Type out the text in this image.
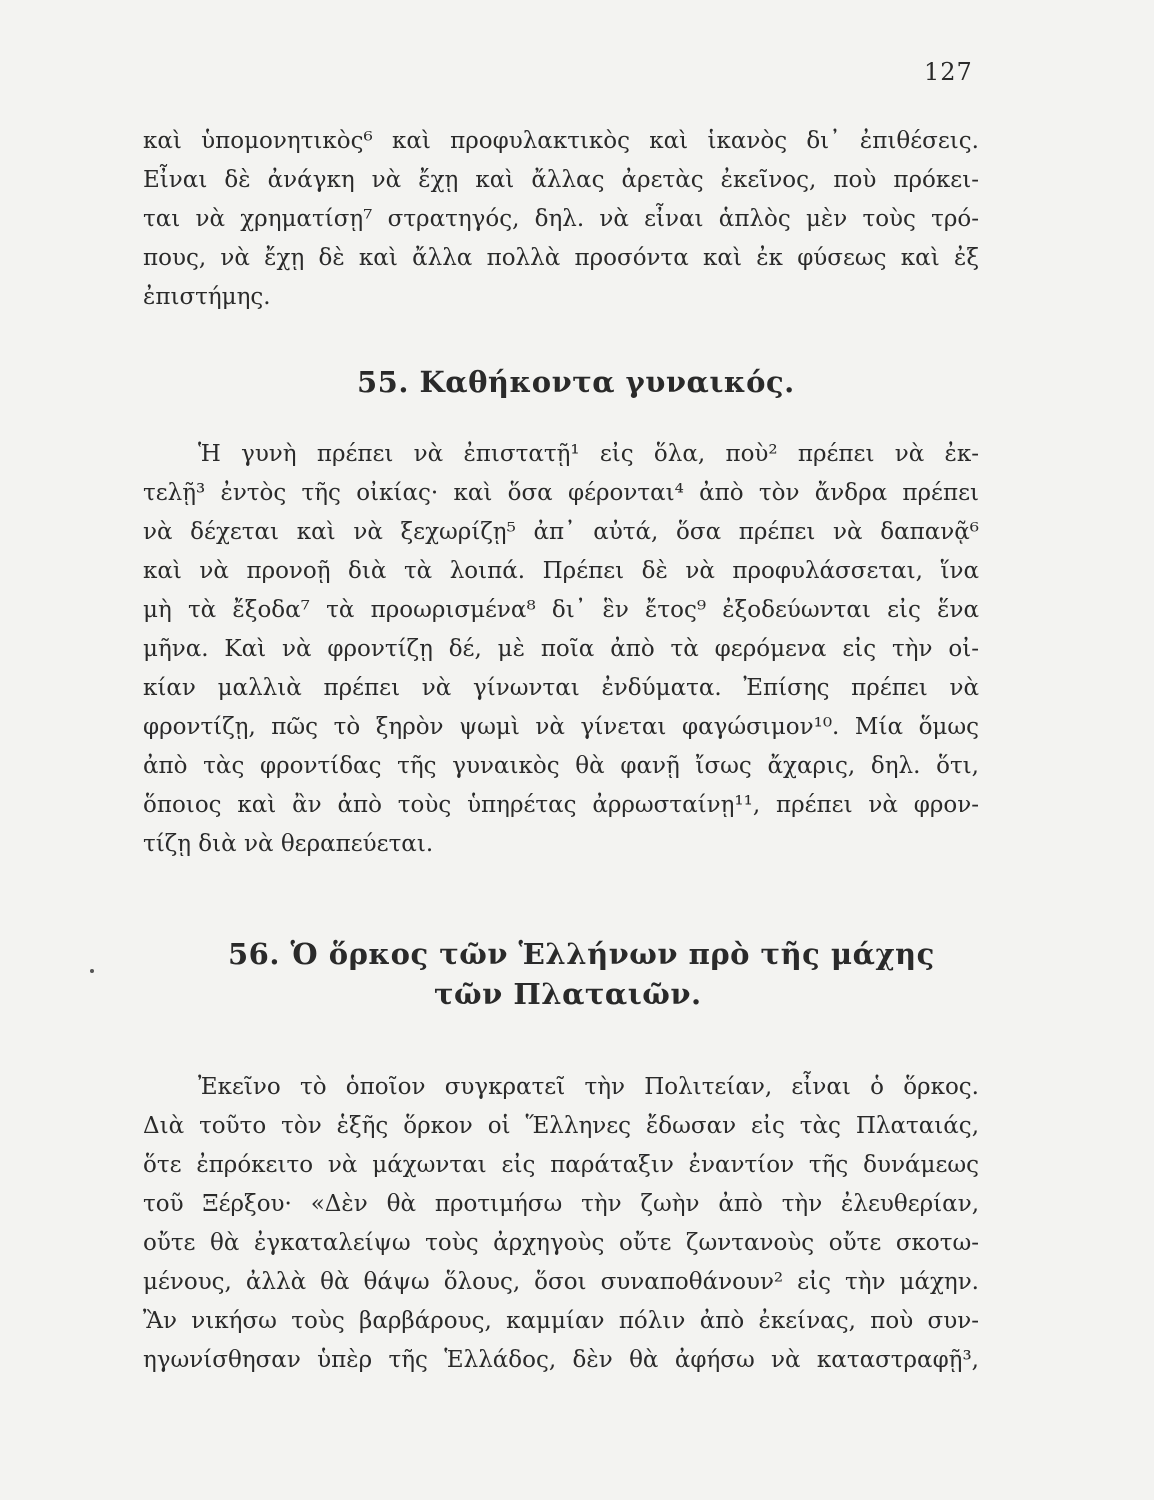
127
καὶ ὑπομονητικὸς⁶ καὶ προφυλακτικὸς καὶ ἱκανὸς δι᾿ ἐπιθέσεις.
Εἶναι δὲ ἀνάγκη νὰ ἔχῃ καὶ ἄλλας ἀρετὰς ἐκεῖνος, ποὺ πρόκει-
ται νὰ χρηματίσῃ⁷ στρατηγός, δηλ. νὰ εἶναι ἁπλὸς μὲν τοὺς τρό-
πους, νὰ ἔχῃ δὲ καὶ ἄλλα πολλὰ προσόντα καὶ ἐκ φύσεως καὶ ἐξ
ἐπιστήμης.
55. Καθήκοντα γυναικός.
Ἡ γυνὴ πρέπει νὰ ἐπιστατῇ¹ εἰς ὅλα, ποὺ² πρέπει νὰ ἐκ-
τελῇ³ ἐντὸς τῆς οἰκίας· καὶ ὅσα φέρονται⁴ ἀπὸ τὸν ἄνδρα πρέπει
νὰ δέχεται καὶ νὰ ξεχωρίζῃ⁵ ἀπ᾿ αὐτά, ὅσα πρέπει νὰ δαπανᾷ⁶
καὶ νὰ προνοῇ διὰ τὰ λοιπά. Πρέπει δὲ νὰ προφυλάσσεται, ἵνα
μὴ τὰ ἔξοδα⁷ τὰ προωρισμένα⁸ δι᾿ ἓν ἔτος⁹ ἐξοδεύωνται εἰς ἕνα
μῆνα. Καὶ νὰ φροντίζῃ δέ, μὲ ποῖα ἀπὸ τὰ φερόμενα εἰς τὴν οἰ-
κίαν μαλλιὰ πρέπει νὰ γίνωνται ἐνδύματα. Ἐπίσης πρέπει νὰ
φροντίζῃ, πῶς τὸ ξηρὸν ψωμὶ νὰ γίνεται φαγώσιμον¹⁰. Μία ὅμως
ἀπὸ τὰς φροντίδας τῆς γυναικὸς θὰ φανῇ ἴσως ἄχαρις, δηλ. ὅτι,
ὅποιος καὶ ἂν ἀπὸ τοὺς ὑπηρέτας ἀρρωσταίνῃ¹¹, πρέπει νὰ φρον-
τίζῃ διὰ νὰ θεραπεύεται.
56. Ὁ ὅρκος τῶν Ἑλλήνων πρὸ τῆς μάχης
τῶν Πλαταιῶν.
Ἐκεῖνο τὸ ὁποῖον συγκρατεῖ τὴν Πολιτείαν, εἶναι ὁ ὅρκος.
Διὰ τοῦτο τὸν ἑξῆς ὅρκον οἱ Ἕλληνες ἔδωσαν εἰς τὰς Πλαταιάς,
ὅτε ἐπρόκειτο νὰ μάχωνται εἰς παράταξιν ἐναντίον τῆς δυνάμεως
τοῦ Ξέρξου· «Δὲν θὰ προτιμήσω τὴν ζωὴν ἀπὸ τὴν ἐλευθερίαν,
οὔτε θὰ ἐγκαταλείψω τοὺς ἀρχηγοὺς οὔτε ζωντανοὺς οὔτε σκοτω-
μένους, ἀλλὰ θὰ θάψω ὅλους, ὅσοι συναποθάνουν² εἰς τὴν μάχην.
Ἂν νικήσω τοὺς βαρβάρους, καμμίαν πόλιν ἀπὸ ἐκείνας, ποὺ συν-
ηγωνίσθησαν ὑπὲρ τῆς Ἑλλάδος, δὲν θὰ ἀφήσω νὰ καταστραφῇ³,
